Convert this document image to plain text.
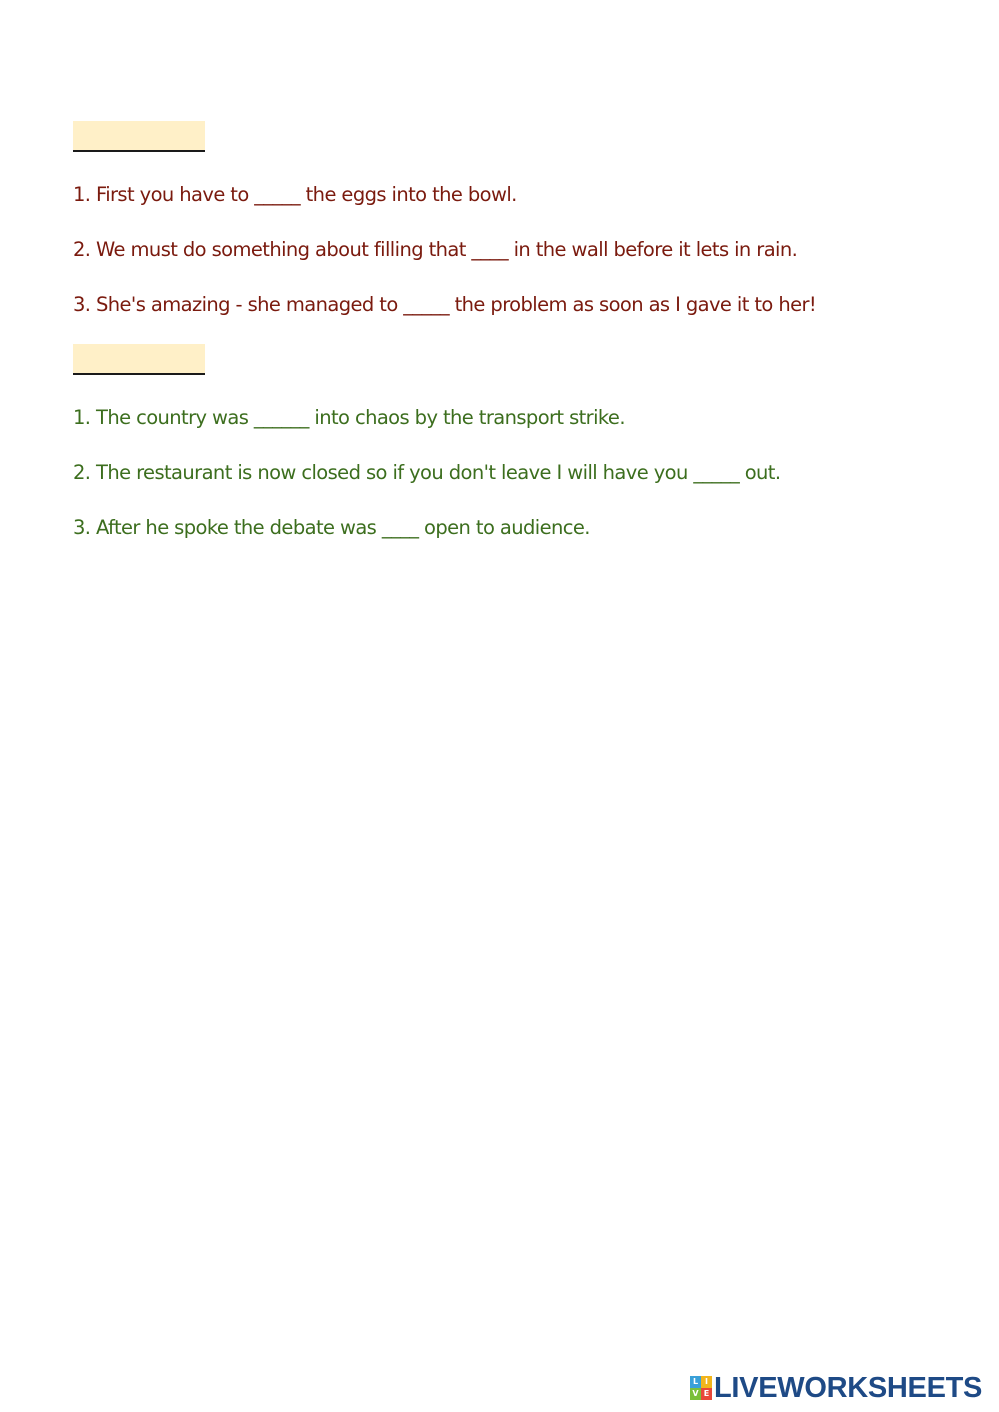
1. First you have to _____ the eggs into the bowl.
2. We must do something about filling that ____ in the wall before it lets in rain.
3. She's amazing - she managed to _____ the problem as soon as I gave it to her!
1. The country was ______ into chaos by the transport strike.
2. The restaurant is now closed so if you don't leave I will have you _____ out.
3. After he spoke the debate was ____ open to audience.
L I
V E LIVEWORKSHEETS
